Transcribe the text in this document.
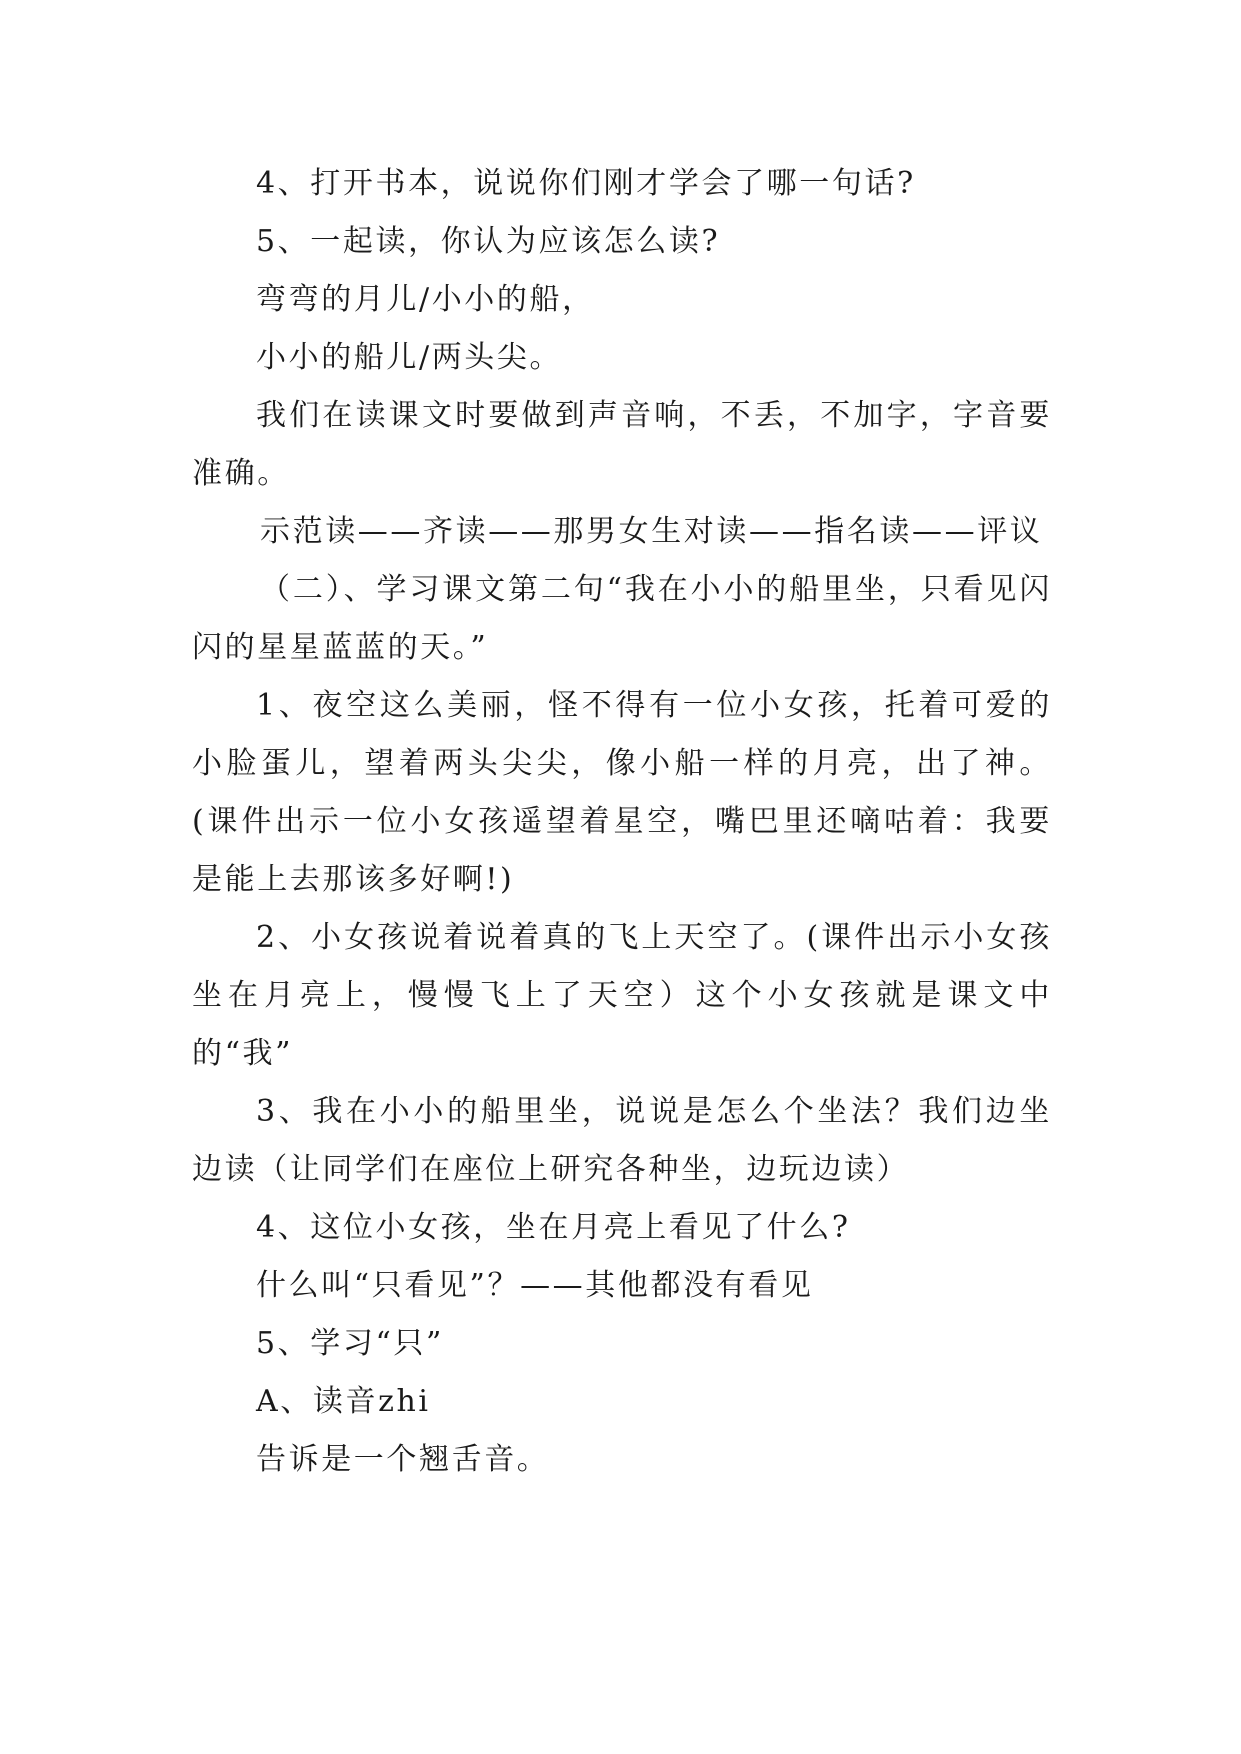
4、打开书本，说说你们刚才学会了哪一句话?

5、一起读，你认为应该怎么读?

弯弯的月儿/小小的船，

小小的船儿/两头尖。

我们在读课文时要做到声音响，不丢，不加字，字音要准确。

示范读——齐读——那男女生对读——指名读——评议

（二）、学习课文第二句“我在小小的船里坐，只看见闪闪的星星蓝蓝的天。”

1、夜空这么美丽，怪不得有一位小女孩，托着可爱的小脸蛋儿，望着两头尖尖，像小船一样的月亮，出了神。(课件出示一位小女孩遥望着星空，嘴巴里还嘀咕着：我要是能上去那该多好啊!)

2、小女孩说着说着真的飞上天空了。(课件出示小女孩坐在月亮上，慢慢飞上了天空）这个小女孩就是课文中的“我”

3、我在小小的船里坐，说说是怎么个坐法？我们边坐边读（让同学们在座位上研究各种坐，边玩边读）

4、这位小女孩，坐在月亮上看见了什么?

什么叫“只看见”？——其他都没有看见

5、学习“只”

A、读音zhi

告诉是一个翘舌音。
